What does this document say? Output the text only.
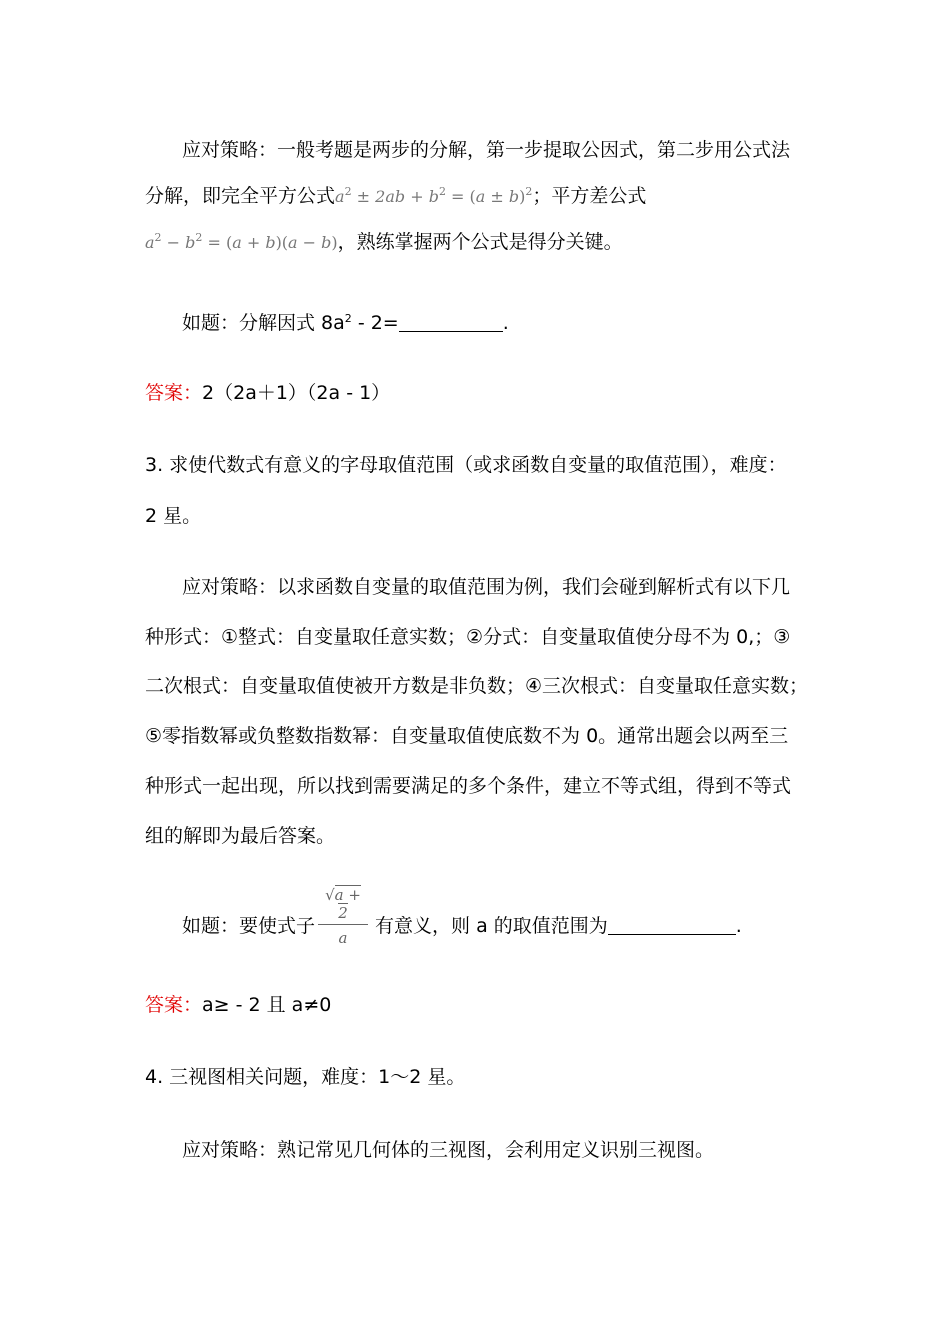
应对策略：一般考题是两步的分解，第一步提取公因式，第二步用公式法
分解，即完全平方公式$a^2 \pm 2ab + b^2 = (a \pm b)^2$；平方差公式
$a^2 - b^2 = (a + b)(a - b)$，熟练掌握两个公式是得分关键。
如题：分解因式 $8a^2 - 2=$	.
答案：2（2a＋1）（2a - 1）
3. 求使代数式有意义的字母取值范围（或求函数自变量的取值范围），难度：
2 星。
应对策略：以求函数自变量的取值范围为例，我们会碰到解析式有以下几
种形式：①整式：自变量取任意实数；②分式：自变量取值使分母不为 0,；③
二次根式：自变量取值使被开方数是非负数；④三次根式：自变量取任意实数；
⑤零指数幂或负整数指数幂：自变量取值使底数不为 0。通常出题会以两至三
种形式一起出现，所以找到需要满足的多个条件，建立不等式组，得到不等式
组的解即为最后答案。
$\frac{√a + 2}{a}$
如题：要使式子	有意义，则 a 的取值范围为	.
答案：a≥ - 2 且 a≠0
4. 三视图相关问题，难度：1～2 星。
应对策略：熟记常见几何体的三视图，会利用定义识别三视图。
